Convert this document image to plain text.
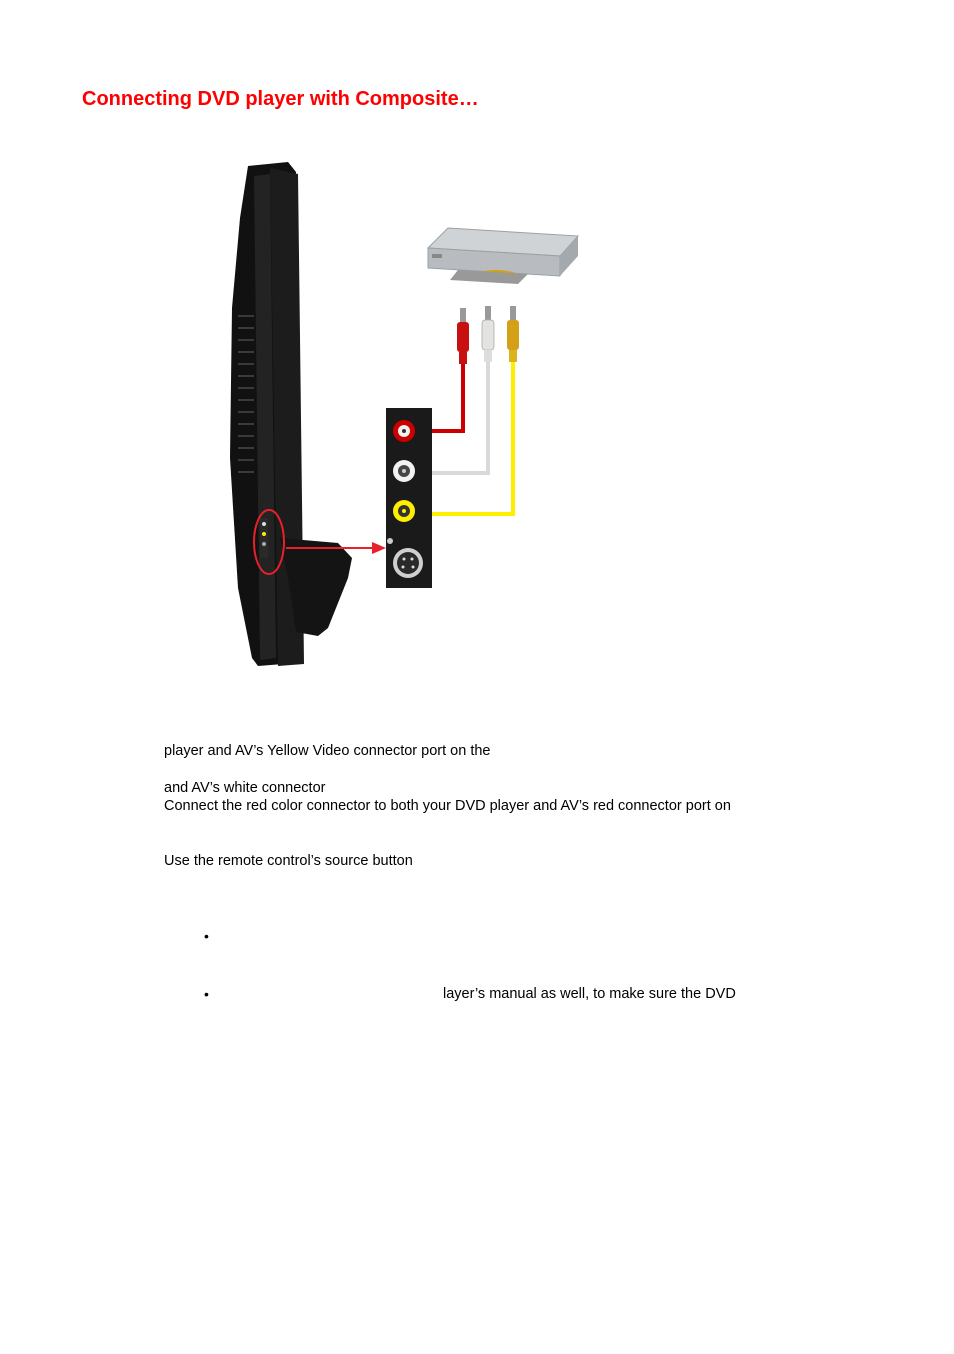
Connecting DVD player with Composite…
player and AV’s Yellow Video connector port on the
and AV’s white connector
Connect the red color connector to both your DVD player and AV’s red connector port on
Use the remote control’s source button
•
•	layer’s manual as well, to make sure the DVD
